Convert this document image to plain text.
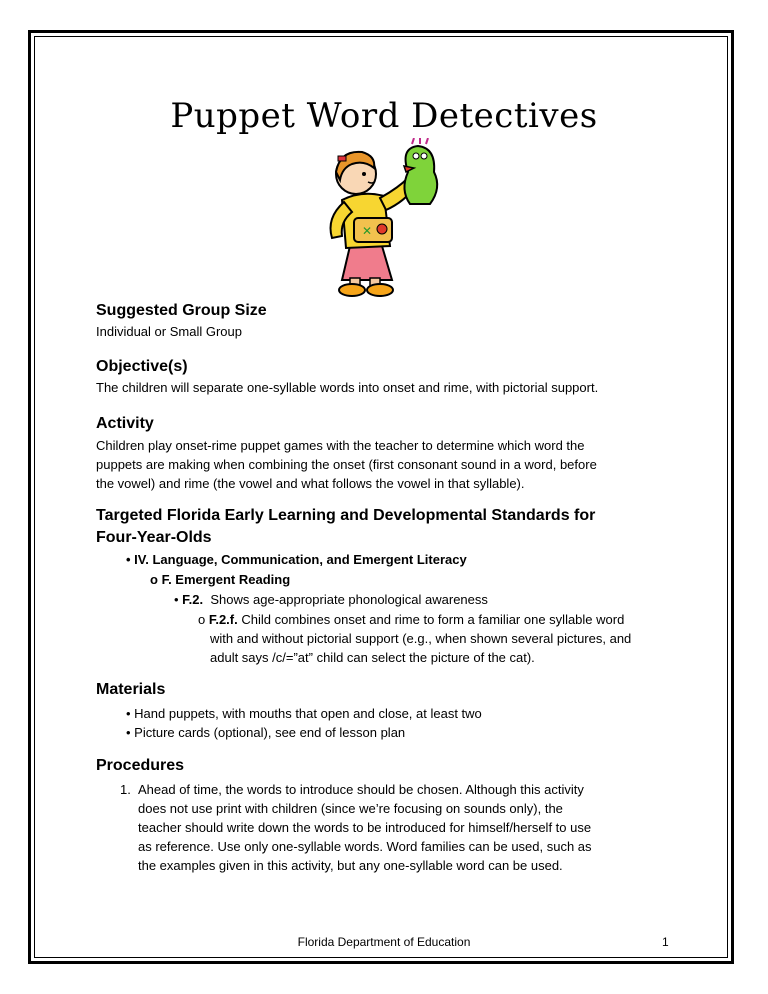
Puppet Word Detectives
✕
Suggested Group Size
Individual or Small Group
Objective(s)
The children will separate one-syllable words into onset and rime, with pictorial support.
Activity
Children play onset-rime puppet games with the teacher to determine which word the
puppets are making when combining the onset (first consonant sound in a word, before
the vowel) and rime (the vowel and what follows the vowel in that syllable).
Targeted Florida Early Learning and Developmental Standards for
Four-Year-Olds
• IV. Language, Communication, and Emergent Literacy
o F. Emergent Reading
• F.2. Shows age-appropriate phonological awareness
o F.2.f. Child combines onset and rime to form a familiar one syllable word
with and without pictorial support (e.g., when shown several pictures, and
adult says /c/=”at” child can select the picture of the cat).
Materials
• Hand puppets, with mouths that open and close, at least two
• Picture cards (optional), see end of lesson plan
Procedures
1. Ahead of time, the words to introduce should be chosen. Although this activity
does not use print with children (since we’re focusing on sounds only), the
teacher should write down the words to be introduced for himself/herself to use
as reference. Use only one-syllable words. Word families can be used, such as
the examples given in this activity, but any one-syllable word can be used.
Florida Department of Education	1
